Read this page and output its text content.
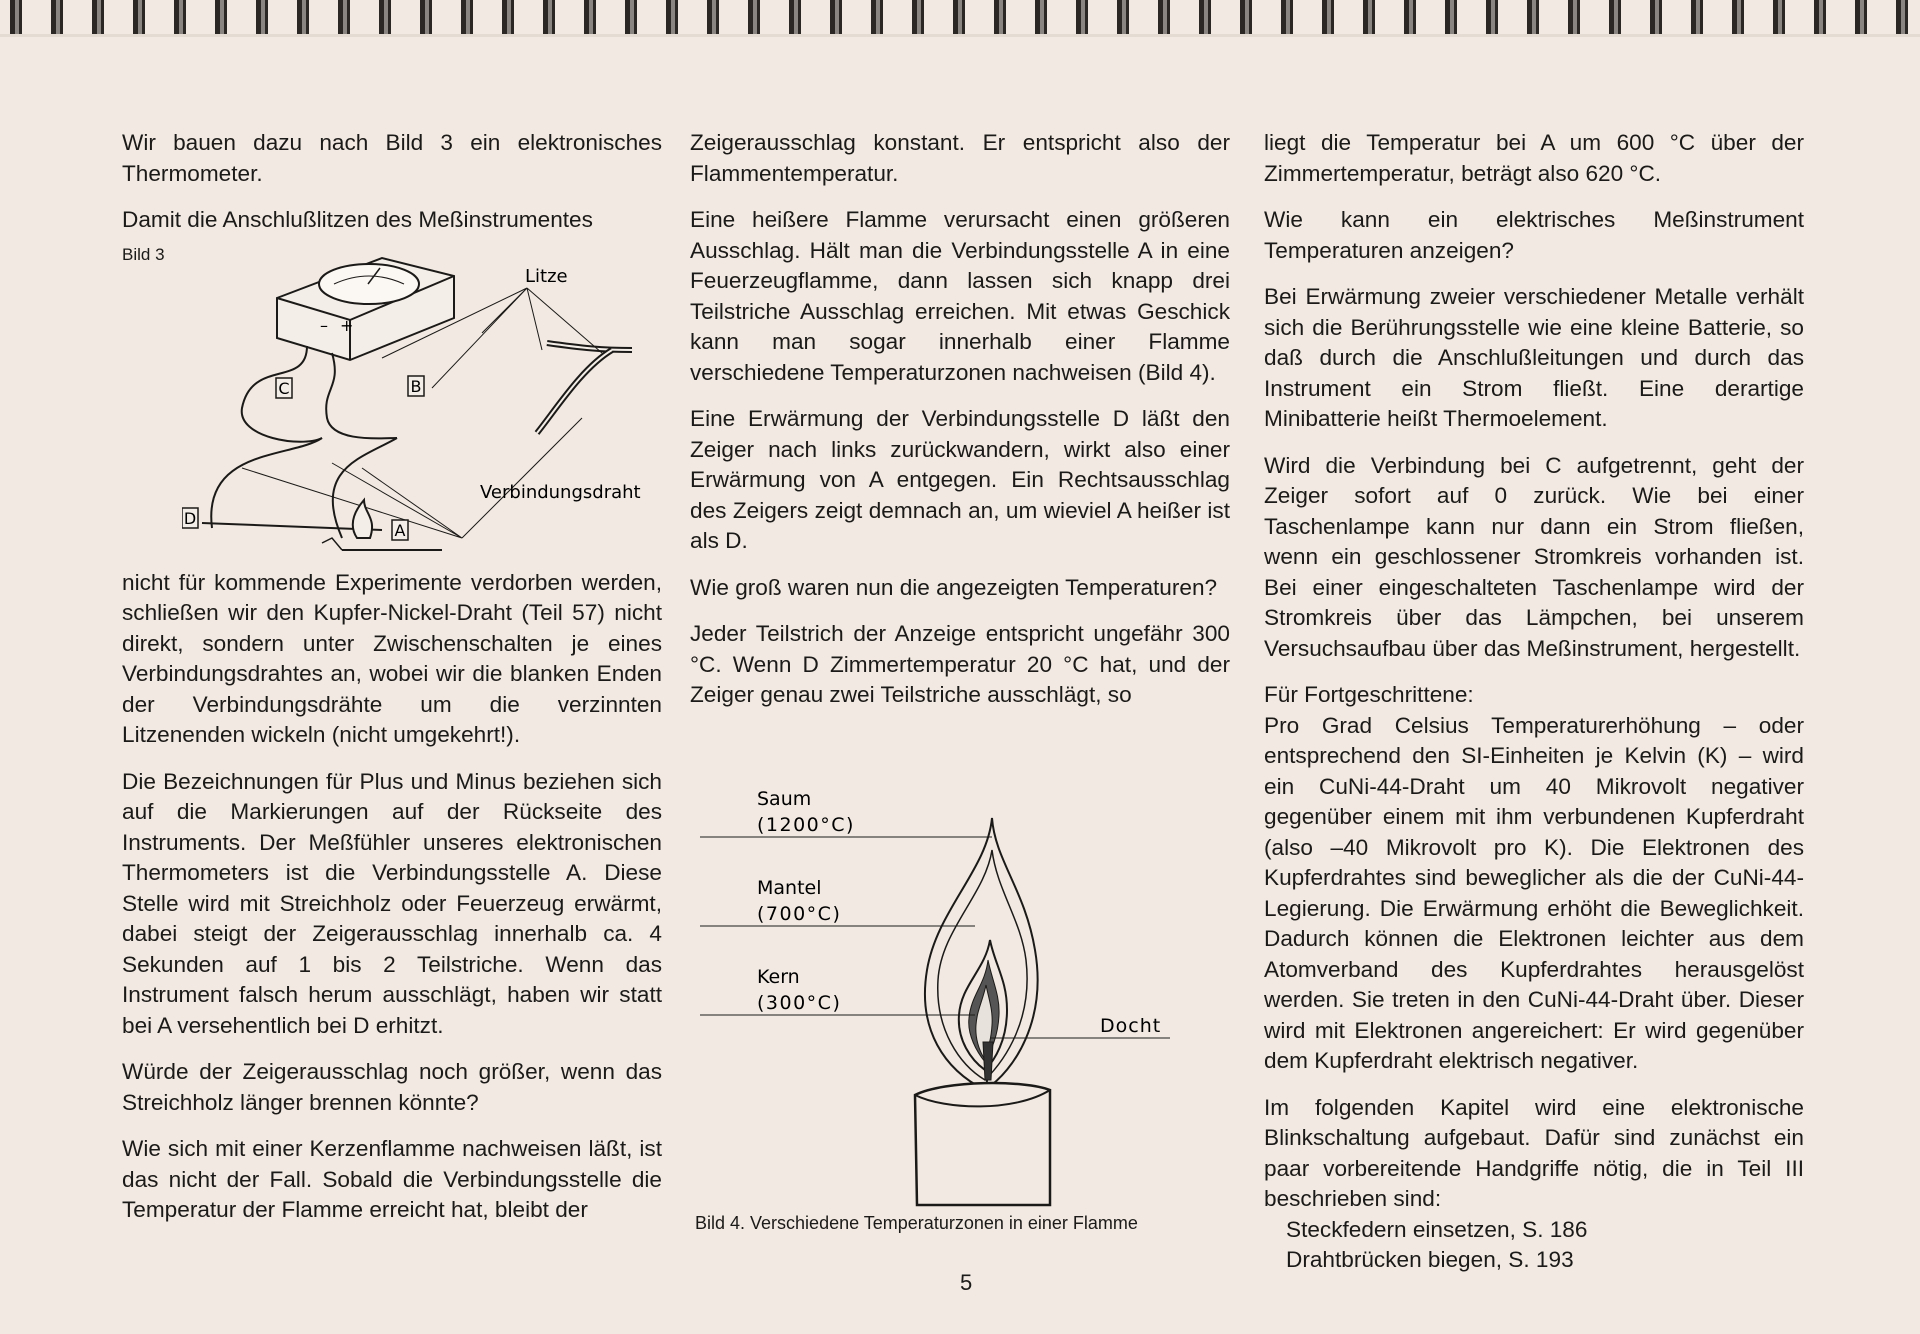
Wir bauen dazu nach Bild 3 ein elektronisches Thermometer.

Damit die Anschlußlitzen des Meßinstrumentes

Bild 3
C	B
D
A
– +
Litze
Verbindungsdraht

nicht für kommende Experimente verdorben werden, schließen wir den Kupfer-Nickel-Draht (Teil 57) nicht direkt, sondern unter Zwischenschalten je eines Verbindungsdrahtes an, wobei wir die blanken Enden der Verbindungsdrähte um die verzinnten Litzenenden wickeln (nicht umgekehrt!).

Die Bezeichnungen für Plus und Minus beziehen sich auf die Markierungen auf der Rückseite des Instruments. Der Meßfühler unseres elektronischen Thermometers ist die Verbindungsstelle A. Diese Stelle wird mit Streichholz oder Feuerzeug erwärmt, dabei steigt der Zeigerausschlag innerhalb ca. 4 Sekunden auf 1 bis 2 Teilstriche. Wenn das Instrument falsch herum ausschlägt, haben wir statt bei A versehentlich bei D erhitzt.

Würde der Zeigerausschlag noch größer, wenn das Streichholz länger brennen könnte?

Wie sich mit einer Kerzenflamme nachweisen läßt, ist das nicht der Fall. Sobald die Verbindungsstelle die Temperatur der Flamme erreicht hat, bleibt der

Zeigerausschlag konstant. Er entspricht also der Flammentemperatur.

Eine heißere Flamme verursacht einen größeren Ausschlag. Hält man die Verbindungsstelle A in eine Feuerzeugflamme, dann lassen sich knapp drei Teilstriche Ausschlag erreichen. Mit etwas Geschick kann man sogar innerhalb einer Flamme verschiedene Temperaturzonen nachweisen (Bild 4).

Eine Erwärmung der Verbindungsstelle D läßt den Zeiger nach links zurückwandern, wirkt also einer Erwärmung von A entgegen. Ein Rechtsausschlag des Zeigers zeigt demnach an, um wieviel A heißer ist als D.

Wie groß waren nun die angezeigten Temperaturen?

Jeder Teilstrich der Anzeige entspricht ungefähr 300 °C. Wenn D Zimmertemperatur 20 °C hat, und der Zeiger genau zwei Teilstriche ausschlägt, so

Saum
(1200°C)
Mantel
(700°C)
Kern
(300°C)
Docht
Bild 4. Verschiedene Temperaturzonen in einer Flamme

liegt die Temperatur bei A um 600 °C über der Zimmertemperatur, beträgt also 620 °C.

Wie kann ein elektrisches Meßinstrument Temperaturen anzeigen?

Bei Erwärmung zweier verschiedener Metalle verhält sich die Berührungsstelle wie eine kleine Batterie, so daß durch die Anschlußleitungen und durch das Instrument ein Strom fließt. Eine derartige Minibatterie heißt Thermoelement.

Wird die Verbindung bei C aufgetrennt, geht der Zeiger sofort auf 0 zurück. Wie bei einer Taschenlampe kann nur dann ein Strom fließen, wenn ein geschlossener Stromkreis vorhanden ist. Bei einer eingeschalteten Taschenlampe wird der Stromkreis über das Lämpchen, bei unserem Versuchsaufbau über das Meßinstrument, hergestellt.

Für Fortgeschrittene:

Pro Grad Celsius Temperaturerhöhung – oder entsprechend den SI-Einheiten je Kelvin (K) – wird ein CuNi-44-Draht um 40 Mikrovolt negativer gegenüber einem mit ihm verbundenen Kupferdraht (also –40 Mikrovolt pro K). Die Elektronen des Kupferdrahtes sind beweglicher als die der CuNi-44-Legierung. Die Erwärmung erhöht die Beweglichkeit. Dadurch können die Elektronen leichter aus dem Atomverband des Kupferdrahtes herausgelöst werden. Sie treten in den CuNi-44-Draht über. Dieser wird mit Elektronen angereichert: Er wird gegenüber dem Kupferdraht elektrisch negativer.

Im folgenden Kapitel wird eine elektronische Blinkschaltung aufgebaut. Dafür sind zunächst ein paar vorbereitende Handgriffe nötig, die in Teil III beschrieben sind:

Steckfedern einsetzen, S. 186
Drahtbrücken biegen, S. 193
5
